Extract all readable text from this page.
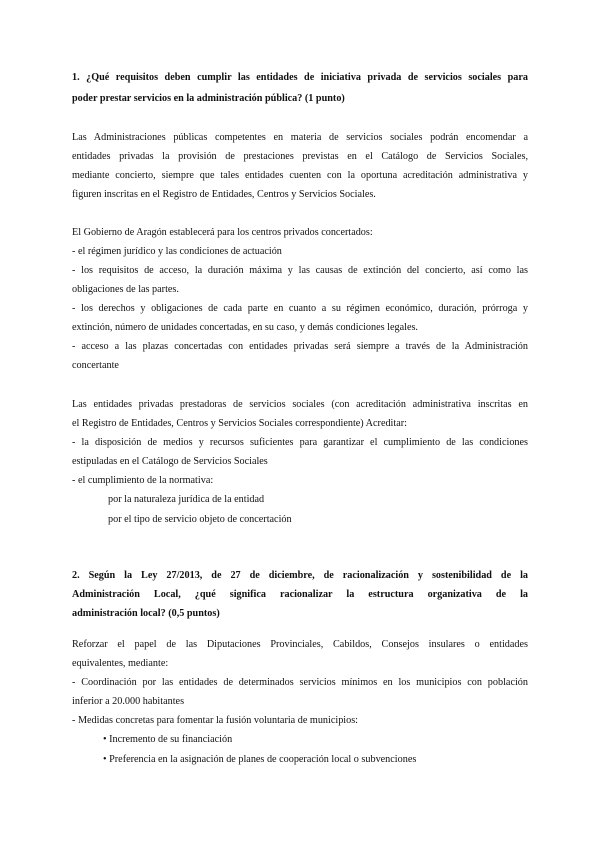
1. ¿Qué requisitos deben cumplir las entidades de iniciativa privada de servicios sociales para

poder prestar servicios en la administración pública? (1 punto)

Las Administraciones públicas competentes en materia de servicios sociales podrán encomendar a

entidades privadas la provisión de prestaciones previstas en el Catálogo de Servicios Sociales,

mediante concierto, siempre que tales entidades cuenten con la oportuna acreditación administrativa y

figuren inscritas en el Registro de Entidades, Centros y Servicios Sociales.

El Gobierno de Aragón establecerá para los centros privados concertados:

- el régimen jurídico y las condiciones de actuación

- los requisitos de acceso, la duración máxima y las causas de extinción del concierto, así como las

obligaciones de las partes.

- los derechos y obligaciones de cada parte en cuanto a su régimen económico, duración, prórroga y

extinción, número de unidades concertadas, en su caso, y demás condiciones legales.

- acceso a las plazas concertadas con entidades privadas será siempre a través de la Administración

concertante

Las entidades privadas prestadoras de servicios sociales (con acreditación administrativa inscritas en

el Registro de Entidades, Centros y Servicios Sociales correspondiente) Acreditar:

- la disposición de medios y recursos suficientes para garantizar el cumplimiento de las condiciones

estipuladas en el Catálogo de Servicios Sociales

- el cumplimiento de la normativa:

por la naturaleza jurídica de la entidad

por el tipo de servicio objeto de concertación

2. Según la Ley 27/2013, de 27 de diciembre, de racionalización y sostenibilidad de la

Administración Local, ¿qué significa racionalizar la estructura organizativa de la

administración local? (0,5 puntos)

Reforzar el papel de las Diputaciones Provinciales, Cabildos, Consejos insulares o entidades

equivalentes, mediante:

- Coordinación por las entidades de determinados servicios mínimos en los municipios con población

inferior a 20.000 habitantes

- Medidas concretas para fomentar la fusión voluntaria de municipios:

• Incremento de su financiación

• Preferencia en la asignación de planes de cooperación local o subvenciones
